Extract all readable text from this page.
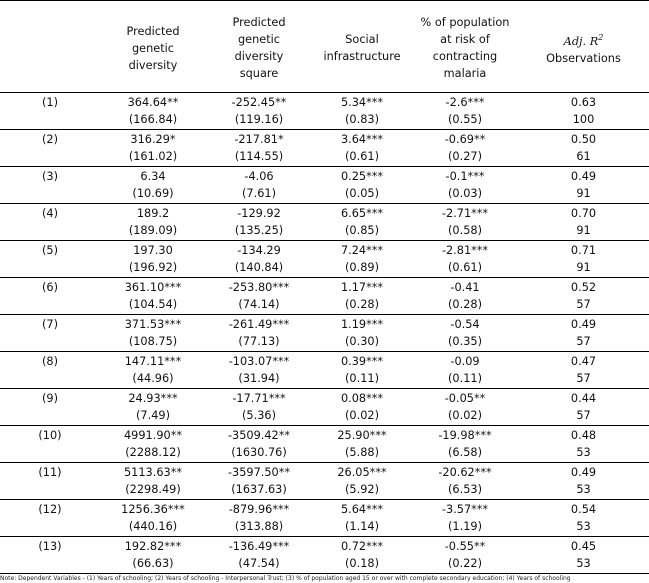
	Predicted genetic diversity	Predicted genetic diversity square	Social infrastructure	% of population at risk of contracting malaria	Adj. $R^2$
Observations
(1)	364.64**	-252.45**	5.34***	-2.6***	0.63
	(166.84)	(119.16)	(0.83)	(0.55)	100
(2)	316.29*	-217.81*	3.64***	-0.69**	0.50
	(161.02)	(114.55)	(0.61)	(0.27)	61
(3)	6.34	-4.06	0.25***	-0.1***	0.49
	(10.69)	(7.61)	(0.05)	(0.03)	91
(4)	189.2	-129.92	6.65***	-2.71***	0.70
	(189.09)	(135.25)	(0.85)	(0.58)	91
(5)	197.30	-134.29	7.24***	-2.81***	0.71
	(196.92)	(140.84)	(0.89)	(0.61)	91
(6)	361.10***	-253.80***	1.17***	-0.41	0.52
	(104.54)	(74.14)	(0.28)	(0.28)	57
(7)	371.53***	-261.49***	1.19***	-0.54	0.49
	(108.75)	(77.13)	(0.30)	(0.35)	57
(8)	147.11***	-103.07***	0.39***	-0.09	0.47
	(44.96)	(31.94)	(0.11)	(0.11)	57
(9)	24.93***	-17.71***	0.08***	-0.05**	0.44
	(7.49)	(5.36)	(0.02)	(0.02)	57
(10)	4991.90**	-3509.42**	25.90***	-19.98***	0.48
	(2288.12)	(1630.76)	(5.88)	(6.58)	53
(11)	5113.63**	-3597.50**	26.05***	-20.62***	0.49
	(2298.49)	(1637.63)	(5.92)	(6.53)	53
(12)	1256.36***	-879.96***	5.64***	-3.57***	0.54
	(440.16)	(313.88)	(1.14)	(1.19)	53
(13)	192.82***	-136.49***	0.72***	-0.55**	0.45
	(66.63)	(47.54)	(0.18)	(0.22)	53
Note: Dependent Variables - (1) Years of schooling; (2) Years of schooling - Interpersonal Trust; (3) % of population aged 15 or over with complete secondary education; (4) Years of schooling
